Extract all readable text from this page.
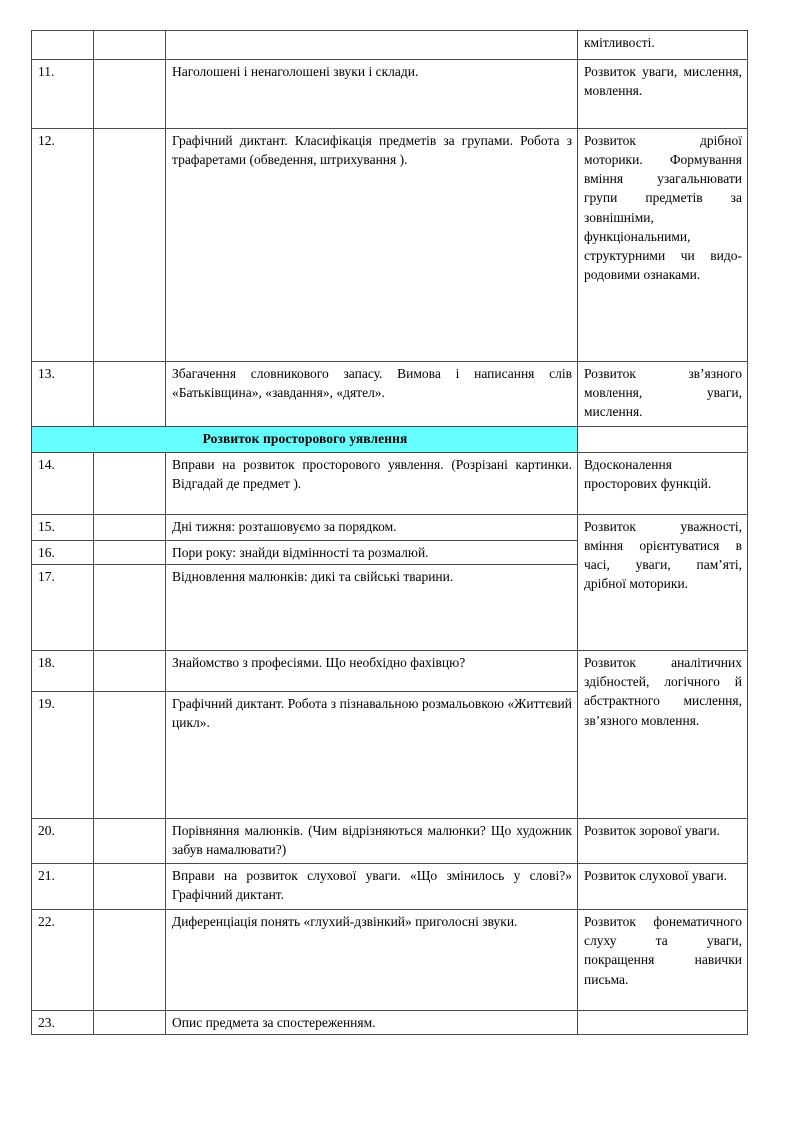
			кмітливості.
11.		Наголошені і ненаголошені звуки і склади.	Розвиток уваги, мислення, мовлення.
12.		Графічний диктант. Класифікація предметів за групами. Робота з трафаретами (обведення, штрихування ).	Розвиток дрібної моторики. Формування вміння узагальнювати групи предметів за зовнішніми, функціональними, структурними чи видо-родовими ознаками.
13.		Збагачення словникового запасу. Вимова і написання слів «Батьківщина», «завдання», «дятел».	Розвиток зв’язного мовлення, уваги, мислення.
Розвиток просторового уявлення			
14.		Вправи на розвиток просторового уявлення. (Розрізані картинки. Відгадай де предмет ).	Вдосконалення просторових функцій.
15.		Дні тижня: розташовуємо за порядком.	Розвиток уважності, вміння орієнтуватися в часі, уваги, пам’яті, дрібної моторики.
16.		Пори року: знайди відмінності та розмалюй.	
17.		Відновлення малюнків: дикі та свійські тварини.	
18.		Знайомство з професіями. Що необхідно фахівцю?	Розвиток аналітичних здібностей, логічного й абстрактного мислення, зв’язного мовлення.
19.		Графічний диктант. Робота з пізнавальною розмальовкою «Життєвий цикл».	
20.		Порівняння малюнків. (Чим відрізняються малюнки? Що художник забув намалювати?)	Розвиток зорової уваги.
21.		Вправи на розвиток слухової уваги. «Що змінилось у слові?» Графічний диктант.	Розвиток слухової уваги.
22.		Диференціація понять «глухий-дзвінкий» приголосні звуки.	Розвиток фонематичного слуху та уваги, покращення навички письма.
23.		Опис предмета за спостереженням.	
